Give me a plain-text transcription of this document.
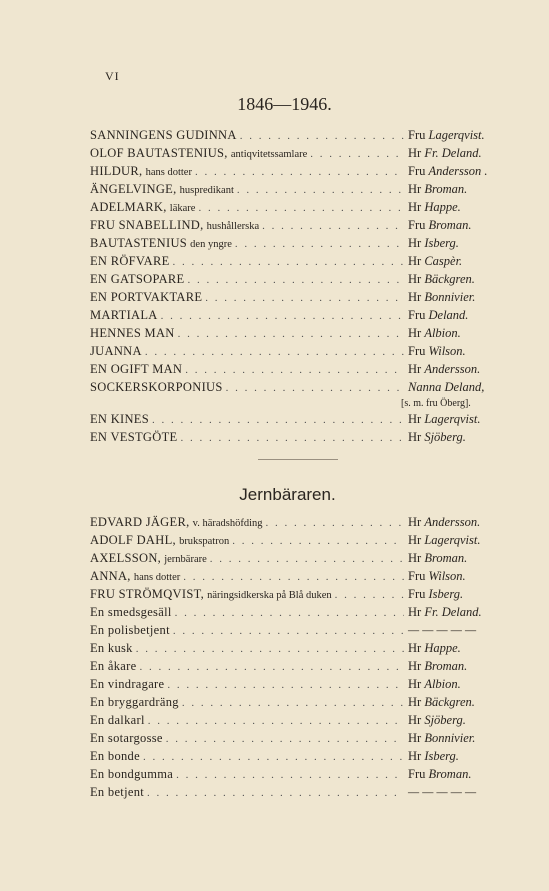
VI
1846—1946.
SANNINGENS GUDINNA . . .	Fru Lagerqvist.
OLOF BAUTASTENIUS, antiqvitetssamlare . . .	Hr Fr. Deland.
HILDUR, hans dotter . . .	Fru Andersson .
ÄNGELVINGE, huspredikant . . .	Hr Broman.
ADELMARK, läkare . . .	Hr Happe.
FRU SNABELLIND, hushållerska . . .	Fru Broman.
BAUTASTENIUS den yngre . . .	Hr Isberg.
EN RÖFVARE . . .	Hr Caspèr.
EN GATSOPARE . . .	Hr Bäckgren.
EN PORTVAKTARE . . .	Hr Bonnivier.
MARTIALA . . .	Fru Deland.
HENNES MAN . . .	Hr Albion.
JUANNA . . .	Fru Wilson.
EN OGIFT MAN . . .	Hr Andersson.
SOCKERSKORPONIUS . . .	Nanna Deland,
[s. m. fru Öberg].
EN KINES . . .	Hr Lagerqvist.
EN VESTGÖTE . . .	Hr Sjöberg.
Jernbäraren.
EDVARD JÄGER, v. häradshöfding . . .	Hr Andersson.
ADOLF DAHL, brukspatron . . .	Hr Lagerqvist.
AXELSSON, jernbärare . . .	Hr Broman.
ANNA, hans dotter . . .	Fru Wilson.
FRU STRÖMQVIST, näringsidkerska på Blå duken . . .	Fru Isberg.
En smedsgesäll . . .	Hr Fr. Deland.
En polisbetjent . . .	— — — — —
En kusk . . .	Hr Happe.
En åkare . . .	Hr Broman.
En vindragare . . .	Hr Albion.
En bryggardräng . . .	Hr Bäckgren.
En dalkarl . . .	Hr Sjöberg.
En sotargosse . . .	Hr Bonnivier.
En bonde . . .	Hr Isberg.
En bondgumma . . .	Fru Broman.
En betjent . . .	— — — — —
